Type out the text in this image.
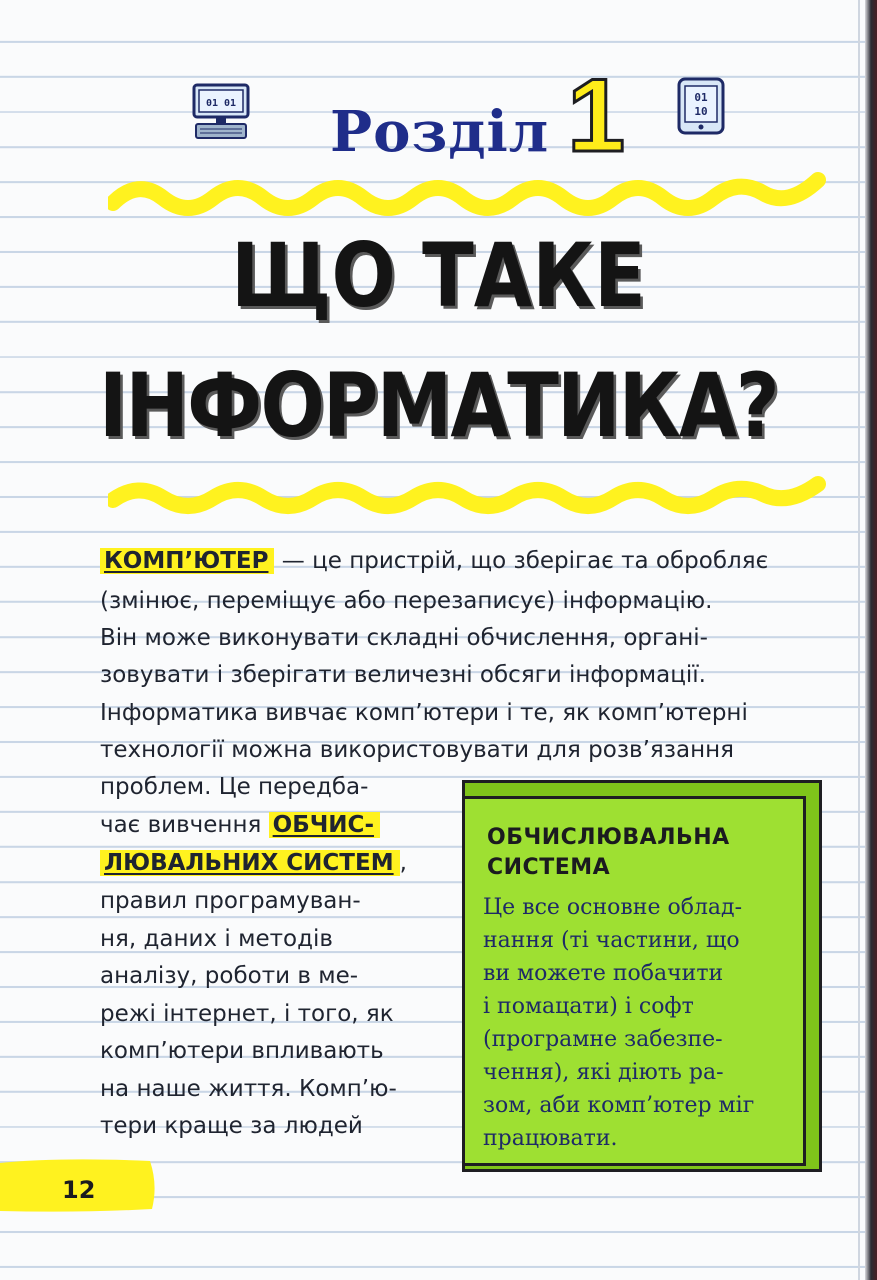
01 01 Розділ 1	01
10
ЩО ТАКЕ
ІНФОРМАТИКА?
КОМП’ЮТЕР — це пристрій, що зберігає та обробляє
(змінює, переміщує або перезаписує) інформацію.
Він може виконувати складні обчислення, органі-
зовувати і зберігати величезні обсяги інформації.
Інформатика вивчає комп’ютери і те, як комп’ютерні
технології можна використовувати для розв’язання
проблем. Це передба-
чає вивчення ОБЧИС-
ЛЮВАЛЬНИХ СИСТЕМ ,
правил програмуван-
ня, даних і методів
аналізу, роботи в ме-
режі інтернет, і того, як
комп’ютери впливають
на наше життя. Комп’ю-
тери краще за людей
ОБЧИСЛЮВАЛЬНА
СИСТЕМА
Це все основне облад-
нання (ті частини, що
ви можете побачити
і помацати) і софт
(програмне забезпе-
чення), які діють ра-
зом, аби комп’ютер міг
працювати.
12
